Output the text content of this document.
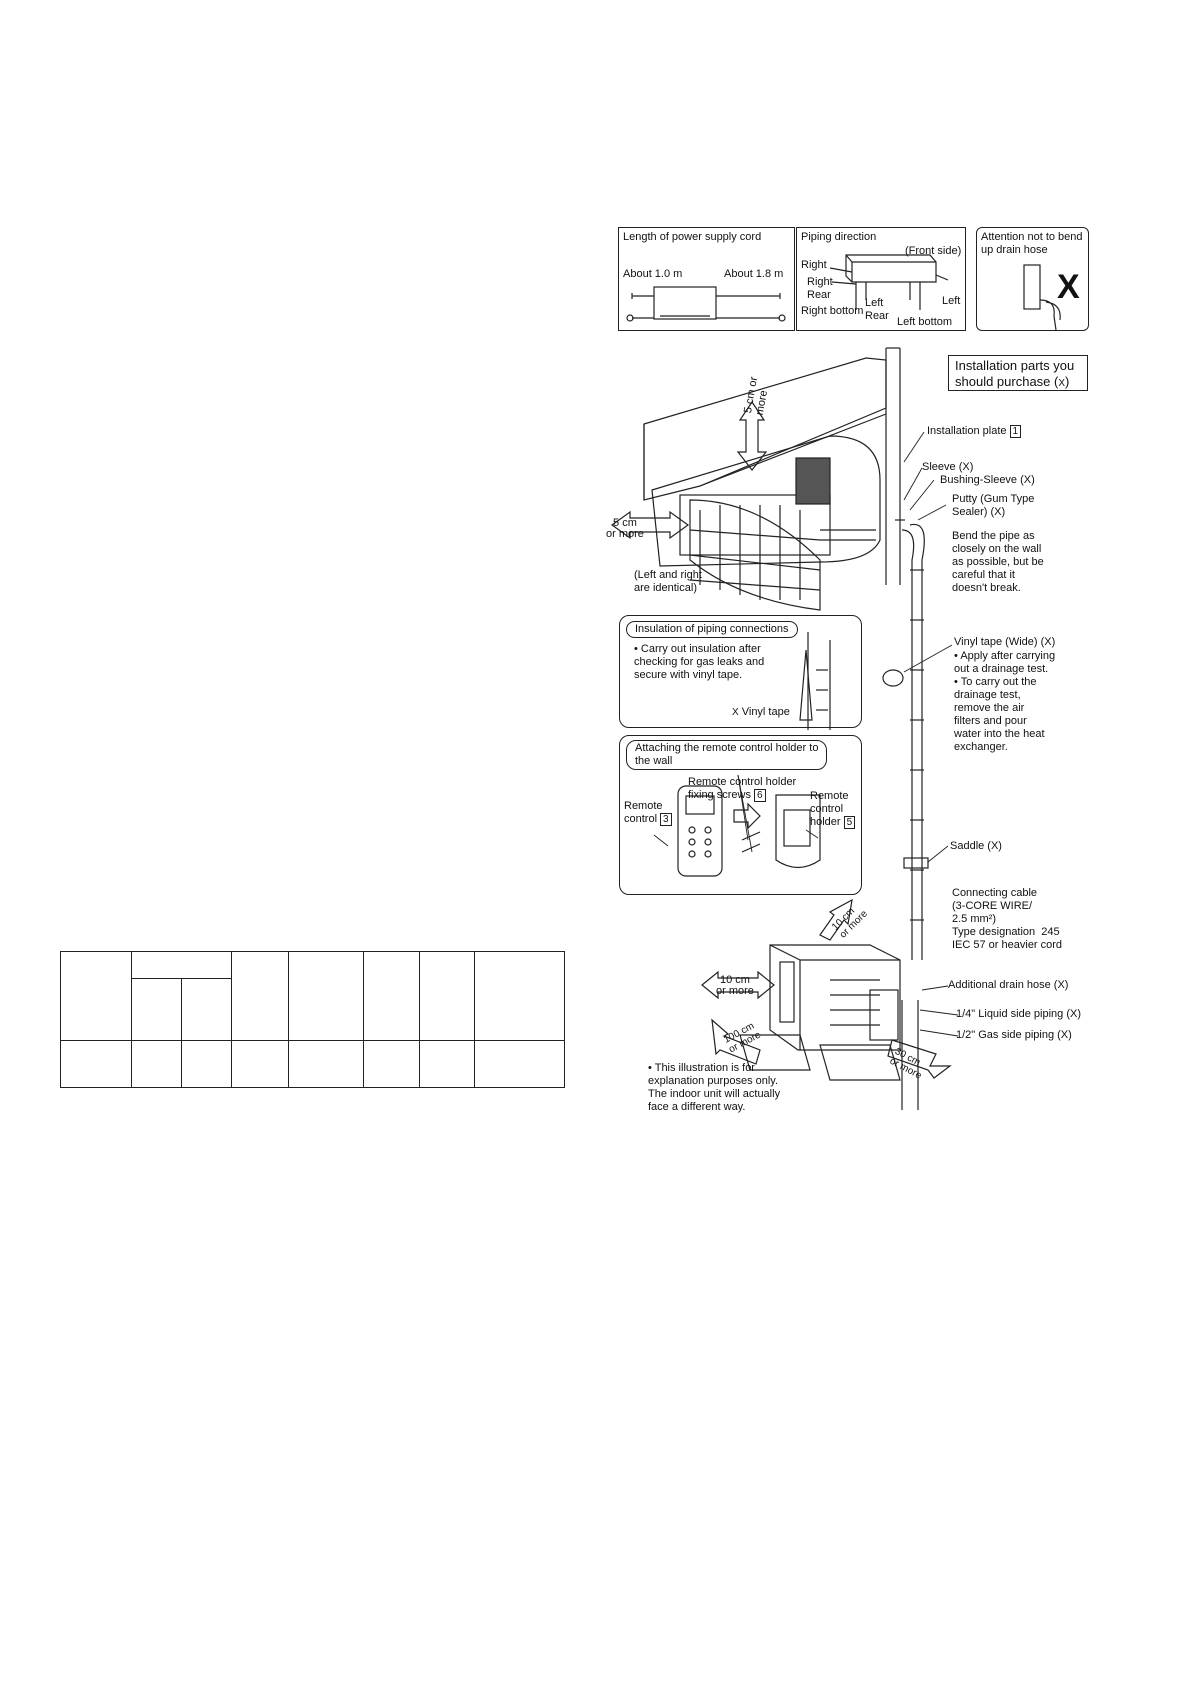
Length of power supply cord
About 1.0 m	About 1.8 m
Piping direction
(Front side)
Right
Right
Rear
Right bottom
Left
Rear
Left
Left bottom
Attention not to bend
up drain hose
X
Installation parts you
should purchase (X)
5 cm or
more
5 cm
or more
(Left and right
are identical)
10 cm
or more
10 cm
or more
100 cm
or more
30 cm
or more
Installation plate 1
Sleeve (X)
Bushing-Sleeve (X)
Putty (Gum Type
Sealer) (X)
Bend the pipe as
closely on the wall
as possible, but be
careful that it
doesn't break.
Vinyl tape (Wide) (X)
• Apply after carrying
out a drainage test.
• To carry out the
drainage test,
remove the air
filters and pour
water into the heat
exchanger.
Saddle (X)
Connecting cable
(3-CORE WIRE/
2.5 mm²)
Type designation  245
IEC 57 or heavier cord
Additional drain hose (X)
1/4" Liquid side piping (X)
1/2" Gas side piping (X)
Insulation of piping connections
• Carry out insulation after
checking for gas leaks and
secure with vinyl tape.
X Vinyl tape
Attaching the remote control holder to
the wall
Remote control holder
fixing screws 6
Remote
control 3
Remote
control
holder 5
• This illustration is for
explanation purposes only.
The indoor unit will actually
face a different way.
